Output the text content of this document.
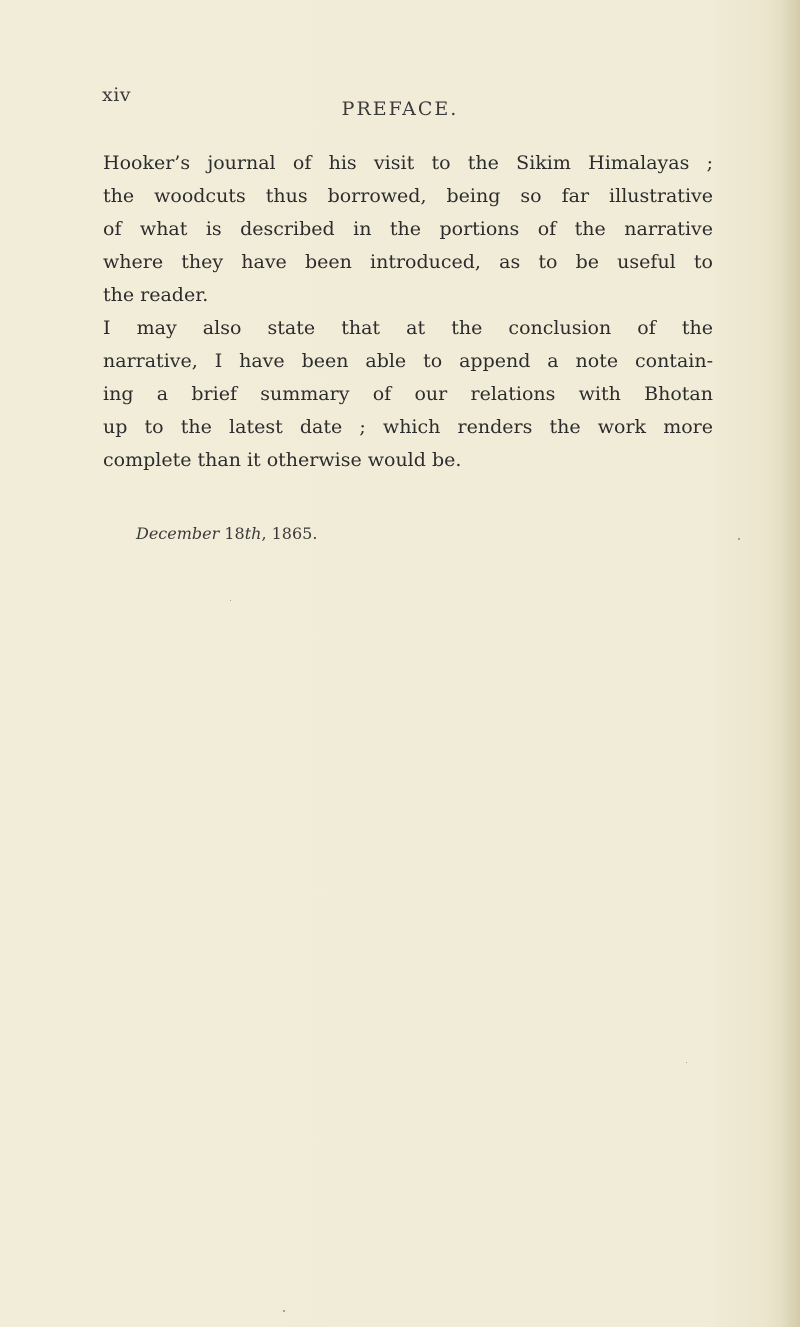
xiv
PREFACE.
Hooker’s journal of his visit to the Sikim Himalayas ;
the woodcuts thus borrowed, being so far illustrative
of what is described in the portions of the narrative
where they have been introduced, as to be useful to
the reader.
I may also state that at the conclusion of the
narrative, I have been able to append a note contain-
ing a brief summary of our relations with Bhotan
up to the latest date ; which renders the work more
complete than it otherwise would be.
December 18th, 1865.
